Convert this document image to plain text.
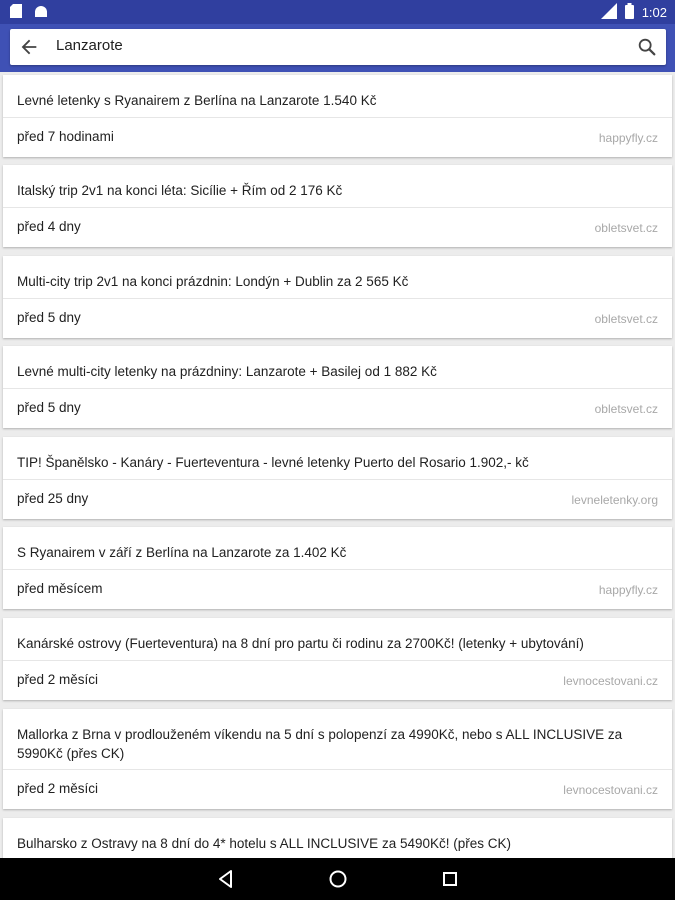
1:02
Lanzarote
Levné letenky s Ryanairem z Berlína na Lanzarote 1.540 Kč
před 7 hodinami	happyfly.cz
Italský trip 2v1 na konci léta: Sicílie + Řím od 2 176 Kč
před 4 dny	obletsvet.cz
Multi-city trip 2v1 na konci prázdnin: Londýn + Dublin za 2 565 Kč
před 5 dny	obletsvet.cz
Levné multi-city letenky na prázdniny: Lanzarote + Basilej od 1 882 Kč
před 5 dny	obletsvet.cz
TIP! Španělsko - Kanáry - Fuerteventura - levné letenky Puerto del Rosario 1.902,- kč
před 25 dny	levneletenky.org
S Ryanairem v září z Berlína na Lanzarote za 1.402 Kč
před měsícem	happyfly.cz
Kanárské ostrovy (Fuerteventura) na 8 dní pro partu či rodinu za 2700Kč! (letenky + ubytování)
před 2 měsíci	levnocestovani.cz
Mallorka z Brna v prodlouženém víkendu na 5 dní s polopenzí za 4990Kč, nebo s ALL INCLUSIVE za 5990Kč (přes CK)
před 2 měsíci	levnocestovani.cz
Bulharsko z Ostravy na 8 dní do 4* hotelu s ALL INCLUSIVE za 5490Kč! (přes CK)
